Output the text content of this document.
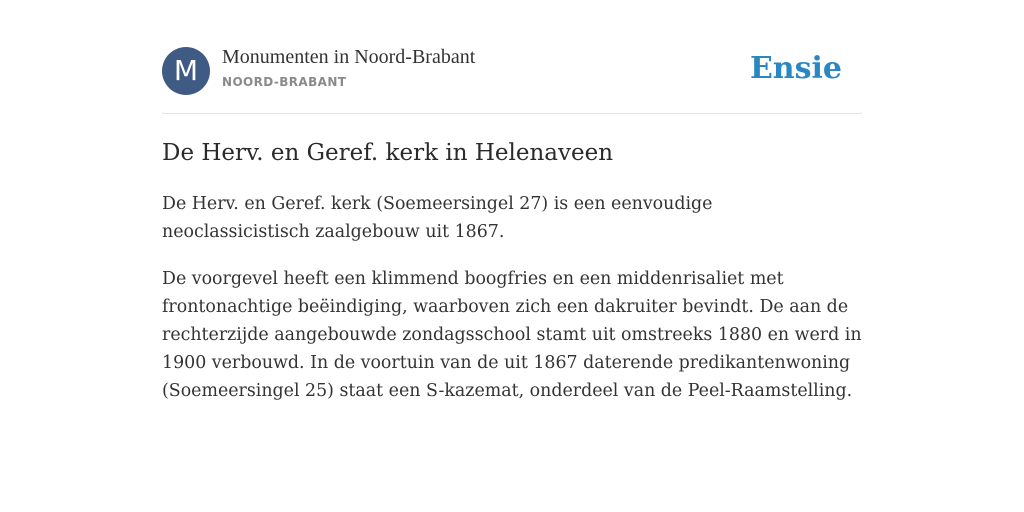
M	Monumenten in Noord-Brabant
NOORD-BRABANT	Ensie
De Herv. en Geref. kerk in Helenaveen

De Herv. en Geref. kerk (Soemeersingel 27) is een eenvoudige neoclassicistisch zaalgebouw uit 1867.

De voorgevel heeft een klimmend boogfries en een middenrisaliet met frontonachtige beëindiging, waarboven zich een dakruiter bevindt. De aan de rechterzijde aangebouwde zondagsschool stamt uit omstreeks 1880 en werd in 1900 verbouwd. In de voortuin van de uit 1867 daterende predikantenwoning (Soemeersingel 25) staat een S-kazemat, onderdeel van de Peel-Raamstelling.
